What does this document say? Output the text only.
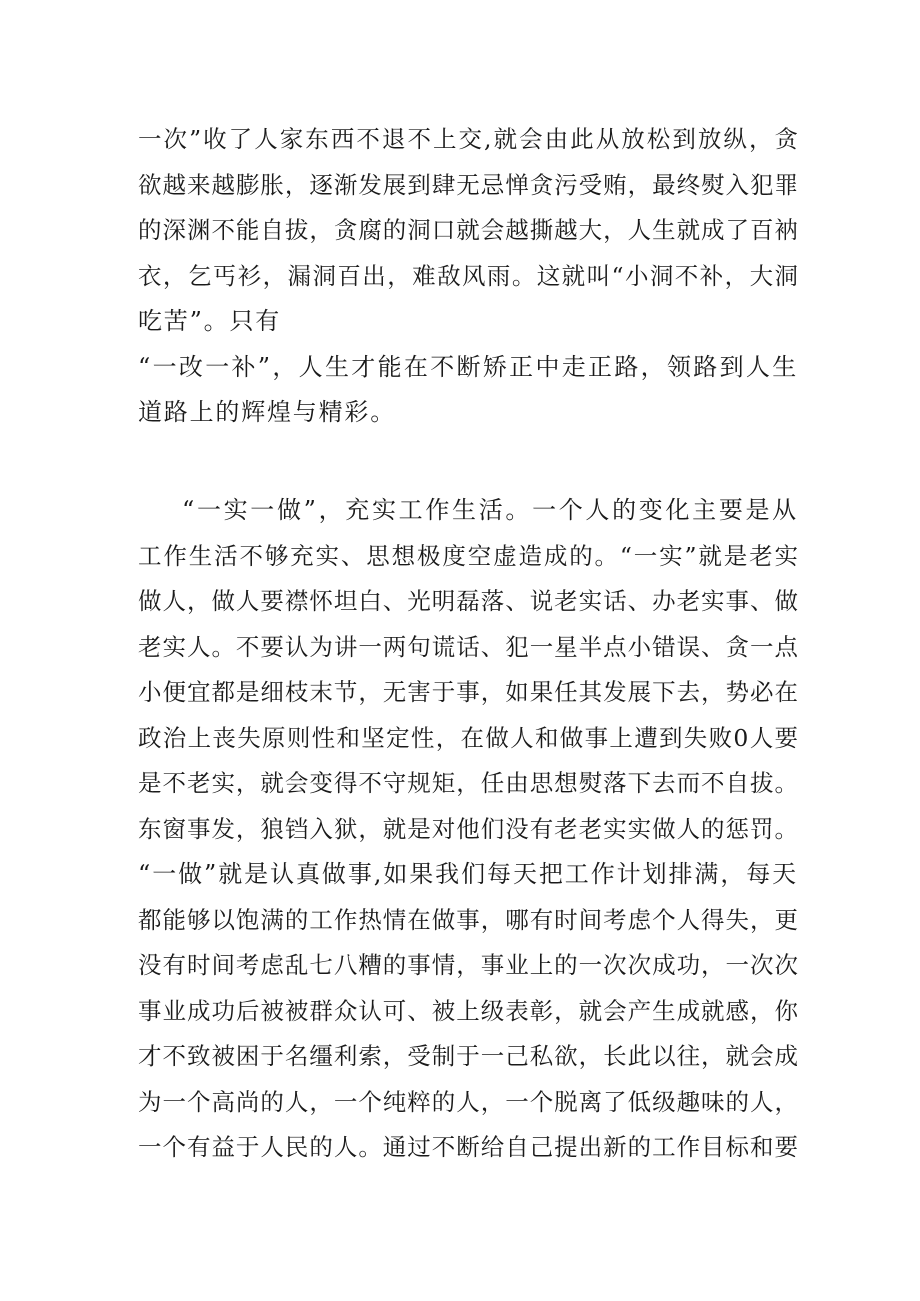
一次”收了人家东西不退不上交,就会由此从放松到放纵，贪
欲越来越膨胀，逐渐发展到肆无忌惮贪污受贿，最终熨入犯罪
的深渊不能自拔，贪腐的洞口就会越撕越大，人生就成了百衲
衣，乞丐衫，漏洞百出，难敌风雨。这就叫“小洞不补，大洞
吃苦”。只有
“一改一补”，人生才能在不断矫正中走正路，领路到人生
道路上的辉煌与精彩。
“一实一做”，充实工作生活。一个人的变化主要是从
工作生活不够充实、思想极度空虚造成的。“一实”就是老实
做人，做人要襟怀坦白、光明磊落、说老实话、办老实事、做
老实人。不要认为讲一两句谎话、犯一星半点小错误、贪一点
小便宜都是细枝末节，无害于事，如果任其发展下去，势必在
政治上丧失原则性和坚定性，在做人和做事上遭到失败0人要
是不老实，就会变得不守规矩，任由思想熨落下去而不自拔。
东窗事发，狼铛入狱，就是对他们没有老老实实做人的惩罚。
“一做”就是认真做事,如果我们每天把工作计划排满，每天
都能够以饱满的工作热情在做事，哪有时间考虑个人得失，更
没有时间考虑乱七八糟的事情，事业上的一次次成功，一次次
事业成功后被被群众认可、被上级表彰，就会产生成就感，你
才不致被困于名缰利索，受制于一己私欲，长此以往，就会成
为一个高尚的人，一个纯粹的人，一个脱离了低级趣味的人，
一个有益于人民的人。通过不断给自己提出新的工作目标和要
